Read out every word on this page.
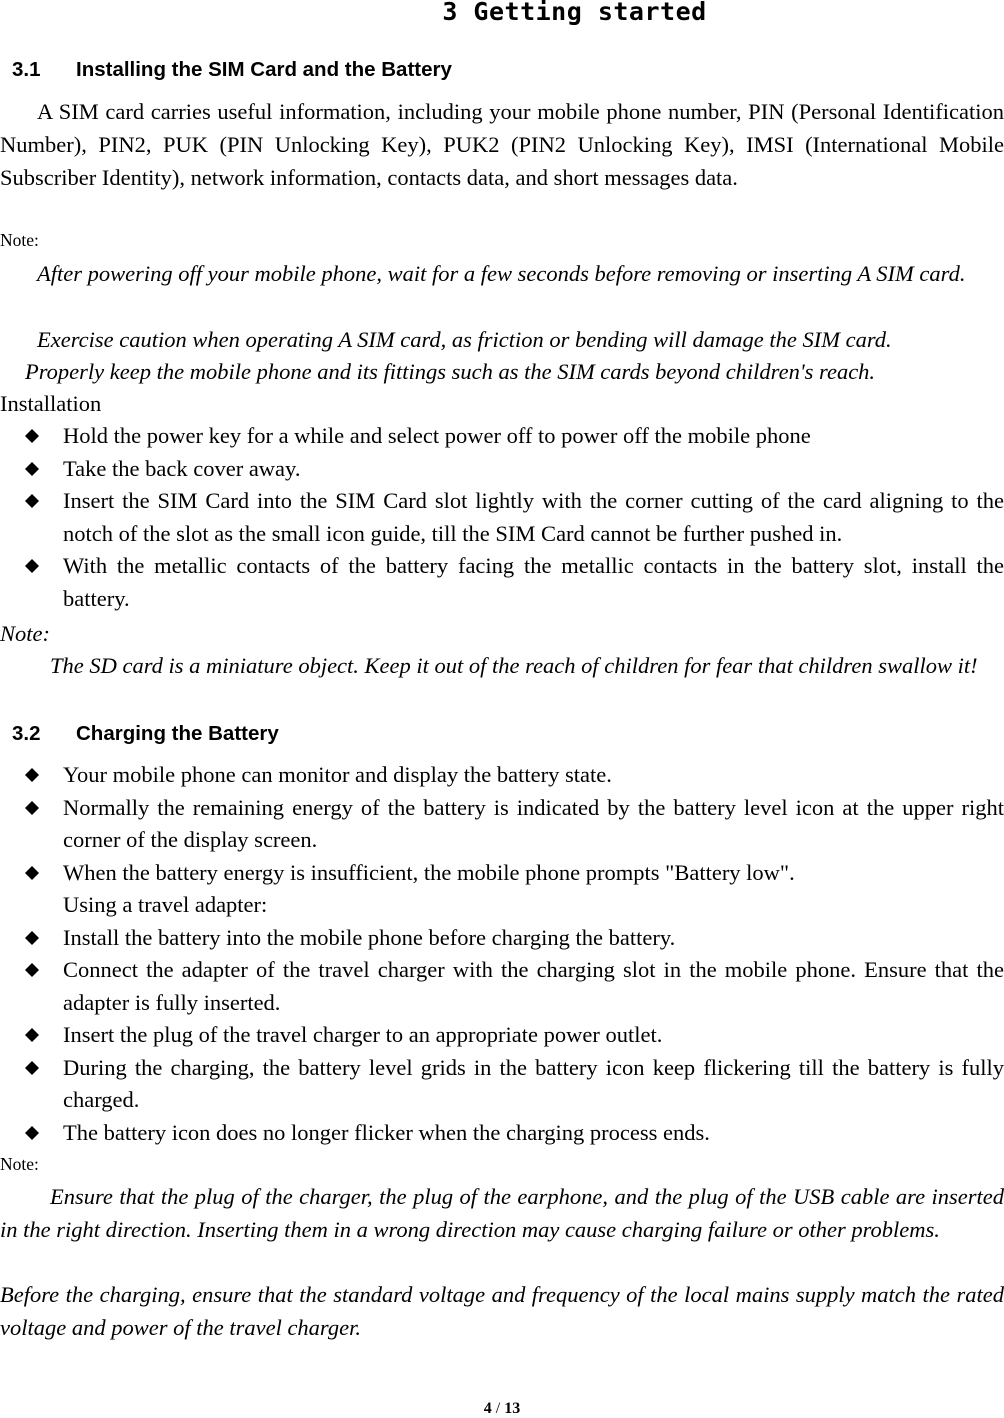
3 Getting started
3.1 Installing the SIM Card and the Battery
A SIM card carries useful information, including your mobile phone number, PIN (Personal Identification Number), PIN2, PUK (PIN Unlocking Key), PUK2 (PIN2 Unlocking Key), IMSI (International Mobile Subscriber Identity), network information, contacts data, and short messages data.
Note:
After powering off your mobile phone, wait for a few seconds before removing or inserting A SIM card.
Exercise caution when operating A SIM card, as friction or bending will damage the SIM card.
Properly keep the mobile phone and its fittings such as the SIM cards beyond children's reach.
Installation
Hold the power key for a while and select power off to power off the mobile phone
Take the back cover away.
Insert the SIM Card into the SIM Card slot lightly with the corner cutting of the card aligning to the notch of the slot as the small icon guide, till the SIM Card cannot be further pushed in.
With the metallic contacts of the battery facing the metallic contacts in the battery slot, install the battery.
Note:
The SD card is a miniature object. Keep it out of the reach of children for fear that children swallow it!
3.2 Charging the Battery
Your mobile phone can monitor and display the battery state.
Normally the remaining energy of the battery is indicated by the battery level icon at the upper right corner of the display screen.
When the battery energy is insufficient, the mobile phone prompts "Battery low".
Using a travel adapter:
Install the battery into the mobile phone before charging the battery.
Connect the adapter of the travel charger with the charging slot in the mobile phone. Ensure that the adapter is fully inserted.
Insert the plug of the travel charger to an appropriate power outlet.
During the charging, the battery level grids in the battery icon keep flickering till the battery is fully charged.
The battery icon does no longer flicker when the charging process ends.
Note:
Ensure that the plug of the charger, the plug of the earphone, and the plug of the USB cable are inserted in the right direction. Inserting them in a wrong direction may cause charging failure or other problems.
Before the charging, ensure that the standard voltage and frequency of the local mains supply match the rated voltage and power of the travel charger.
4 / 13
